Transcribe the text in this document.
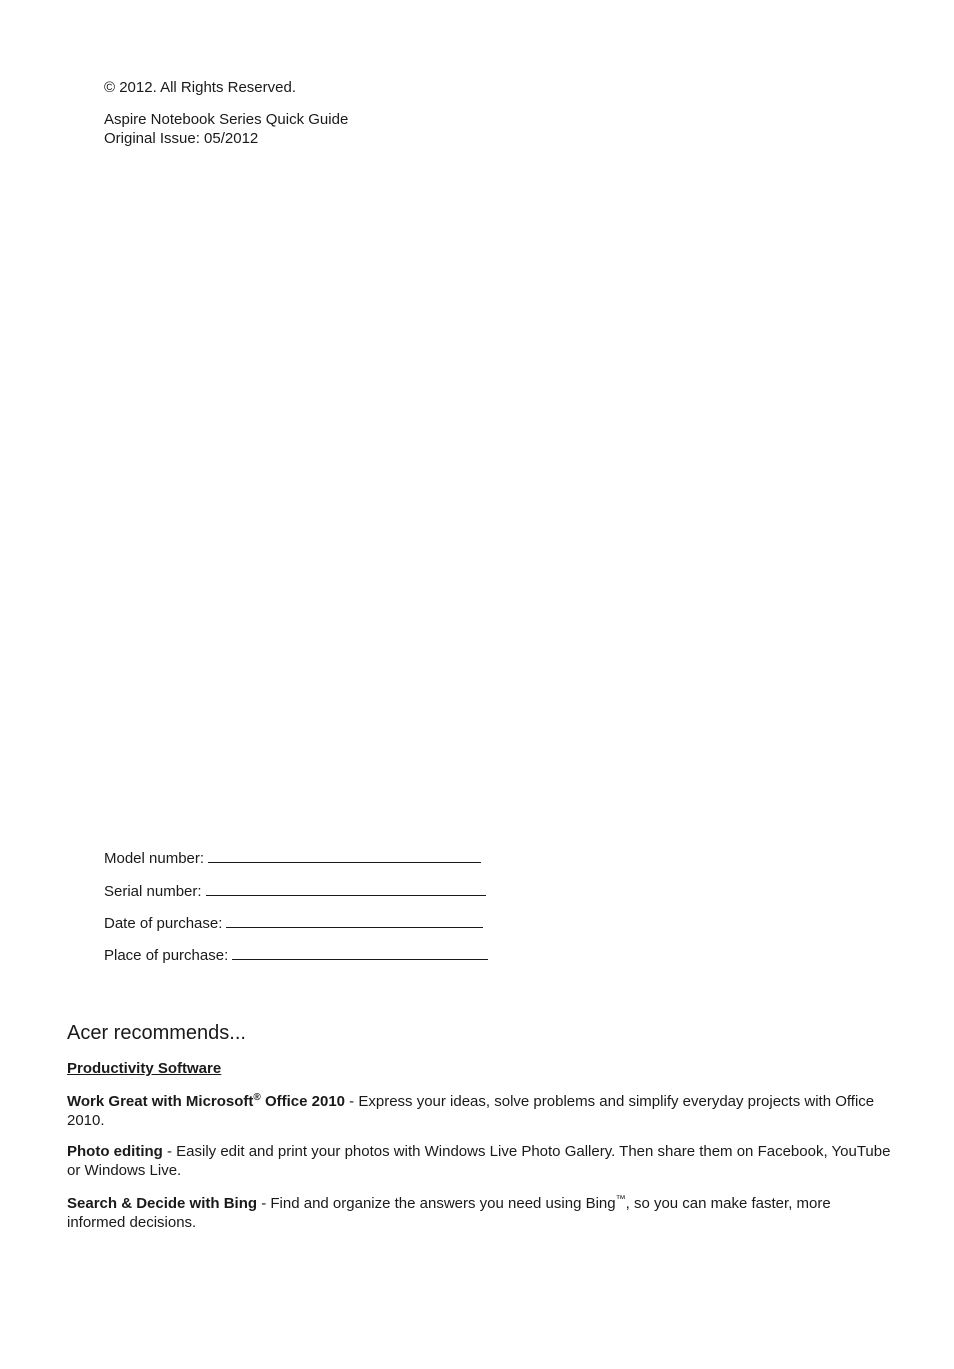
© 2012. All Rights Reserved.
Aspire Notebook Series Quick Guide
Original Issue: 05/2012
Model number:
Serial number:
Date of purchase:
Place of purchase:
Acer recommends...
Productivity Software
Work Great with Microsoft® Office 2010 - Express your ideas, solve problems and simplify everyday projects with Office 2010.
Photo editing - Easily edit and print your photos with Windows Live Photo Gallery. Then share them on Facebook, YouTube or Windows Live.
Search & Decide with Bing - Find and organize the answers you need using Bing™, so you can make faster, more informed decisions.
